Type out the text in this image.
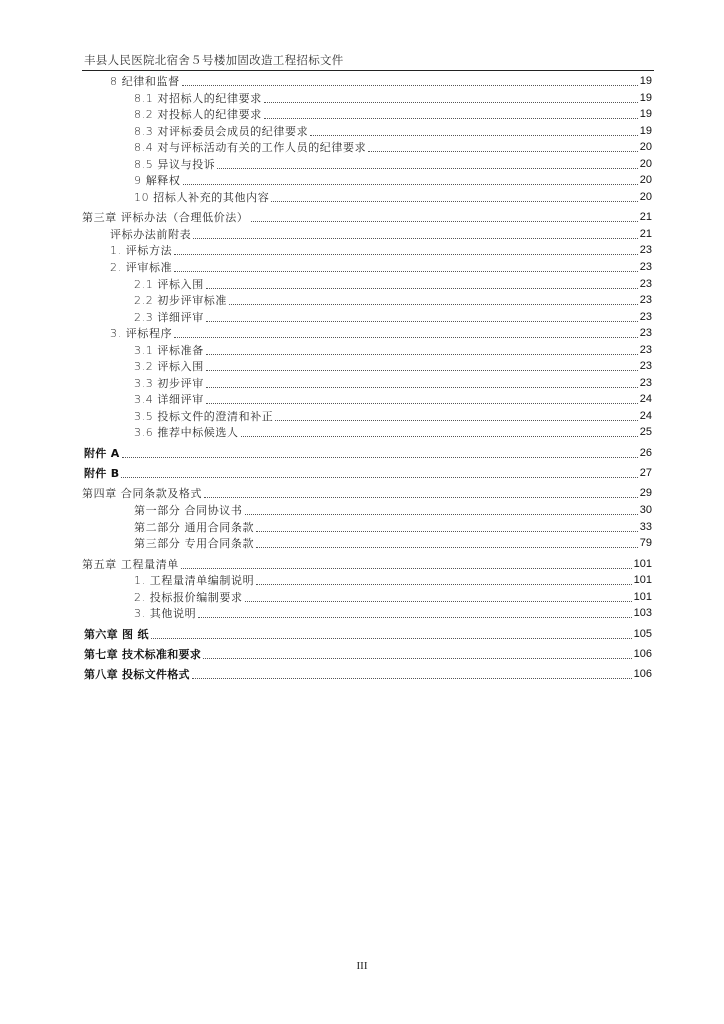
丰县人民医院北宿舍５号楼加固改造工程招标文件
8 纪律和监督	19
8.1 对招标人的纪律要求	19
8.2 对投标人的纪律要求	19
8.3 对评标委员会成员的纪律要求	19
8.4 对与评标活动有关的工作人员的纪律要求	20
8.5 异议与投诉	20
9 解释权	20
10 招标人补充的其他内容	20
第三章 评标办法（合理低价法）	21
评标办法前附表	21
1. 评标方法	23
2. 评审标准	23
2.1 评标入围	23
2.2 初步评审标准	23
2.3 详细评审	23
3. 评标程序	23
3.1 评标准备	23
3.2 评标入围	23
3.3 初步评审	23
3.4 详细评审	24
3.5 投标文件的澄清和补正	24
3.6 推荐中标候选人	25
附件 A	26
附件 B	27
第四章 合同条款及格式	29
第一部分 合同协议书	30
第二部分 通用合同条款	33
第三部分 专用合同条款	79
第五章 工程量清单	101
1. 工程量清单编制说明	101
2. 投标报价编制要求	101
3. 其他说明	103
第六章 图 纸	105
第七章 技术标准和要求	106
第八章 投标文件格式	106
III
